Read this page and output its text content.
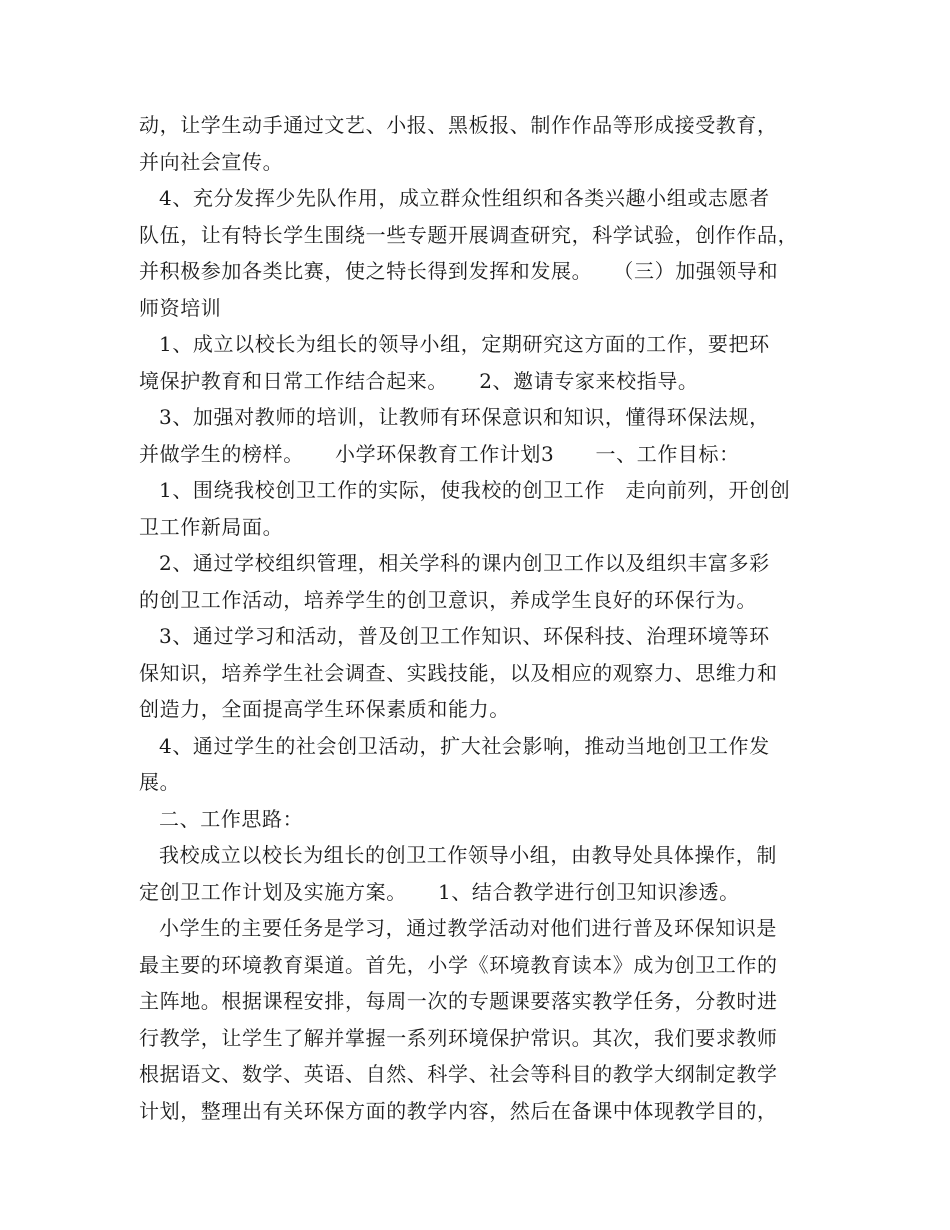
动，让学生动手通过文艺、小报、黑板报、制作作品等形成接受教育，
并向社会宣传。
4、充分发挥少先队作用，成立群众性组织和各类兴趣小组或志愿者
队伍，让有特长学生围绕一些专题开展调查研究，科学试验，创作作品，
并积极参加各类比赛，使之特长得到发挥和发展。　　（三）加强领导和
师资培训
1、成立以校长为组长的领导小组，定期研究这方面的工作，要把环
境保护教育和日常工作结合起来。　　2、邀请专家来校指导。
3、加强对教师的培训，让教师有环保意识和知识，懂得环保法规，
并做学生的榜样。　　小学环保教育工作计划3　　一、工作目标：
1、围绕我校创卫工作的实际，使我校的创卫工作　走向前列，开创创
卫工作新局面。
2、通过学校组织管理，相关学科的课内创卫工作以及组织丰富多彩
的创卫工作活动，培养学生的创卫意识，养成学生良好的环保行为。
3、通过学习和活动，普及创卫工作知识、环保科技、治理环境等环
保知识，培养学生社会调查、实践技能，以及相应的观察力、思维力和
创造力，全面提高学生环保素质和能力。
4、通过学生的社会创卫活动，扩大社会影响，推动当地创卫工作发
展。
二、工作思路：
我校成立以校长为组长的创卫工作领导小组，由教导处具体操作，制
定创卫工作计划及实施方案。　　1、结合教学进行创卫知识渗透。
小学生的主要任务是学习，通过教学活动对他们进行普及环保知识是
最主要的环境教育渠道。首先，小学《环境教育读本》成为创卫工作的
主阵地。根据课程安排，每周一次的专题课要落实教学任务，分教时进
行教学，让学生了解并掌握一系列环境保护常识。其次，我们要求教师
根据语文、数学、英语、自然、科学、社会等科目的教学大纲制定教学
计划，整理出有关环保方面的教学内容，然后在备课中体现教学目的，
